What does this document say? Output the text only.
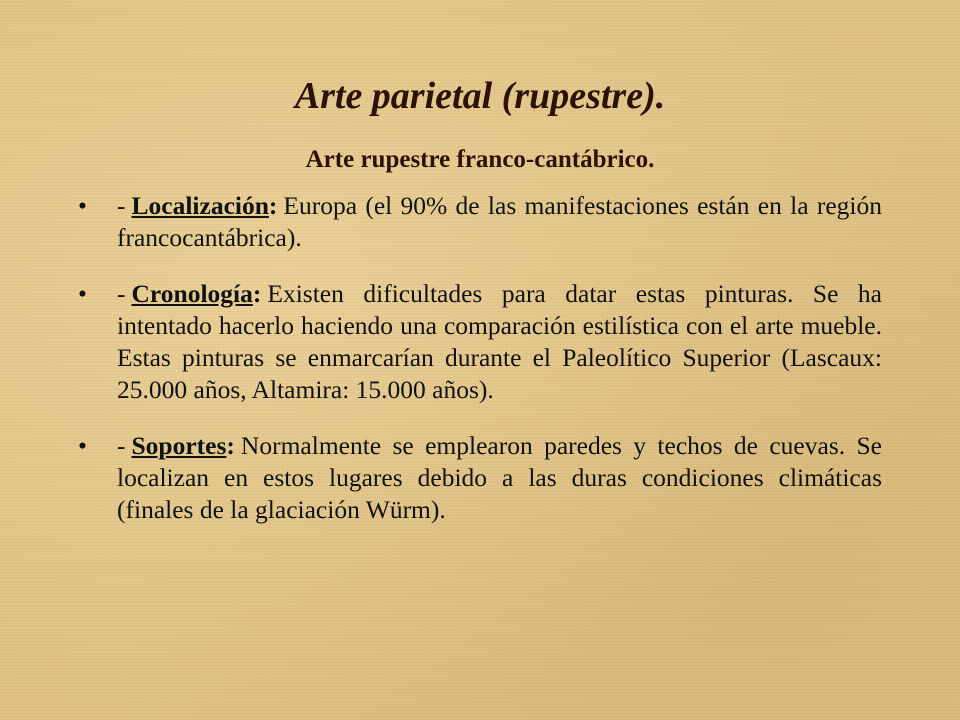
Arte parietal (rupestre).
Arte rupestre franco-cantábrico.
• - Localización: Europa (el 90% de las manifestaciones están en la región francocantábrica).
• - Cronología: Existen dificultades para datar estas pinturas. Se ha intentado hacerlo haciendo una comparación estilística con el arte mueble. Estas pinturas se enmarcarían durante el Paleolítico Superior (Lascaux: 25.000 años, Altamira: 15.000 años).
• - Soportes: Normalmente se emplearon paredes y techos de cuevas. Se localizan en estos lugares debido a las duras condiciones climáticas (finales de la glaciación Würm).
